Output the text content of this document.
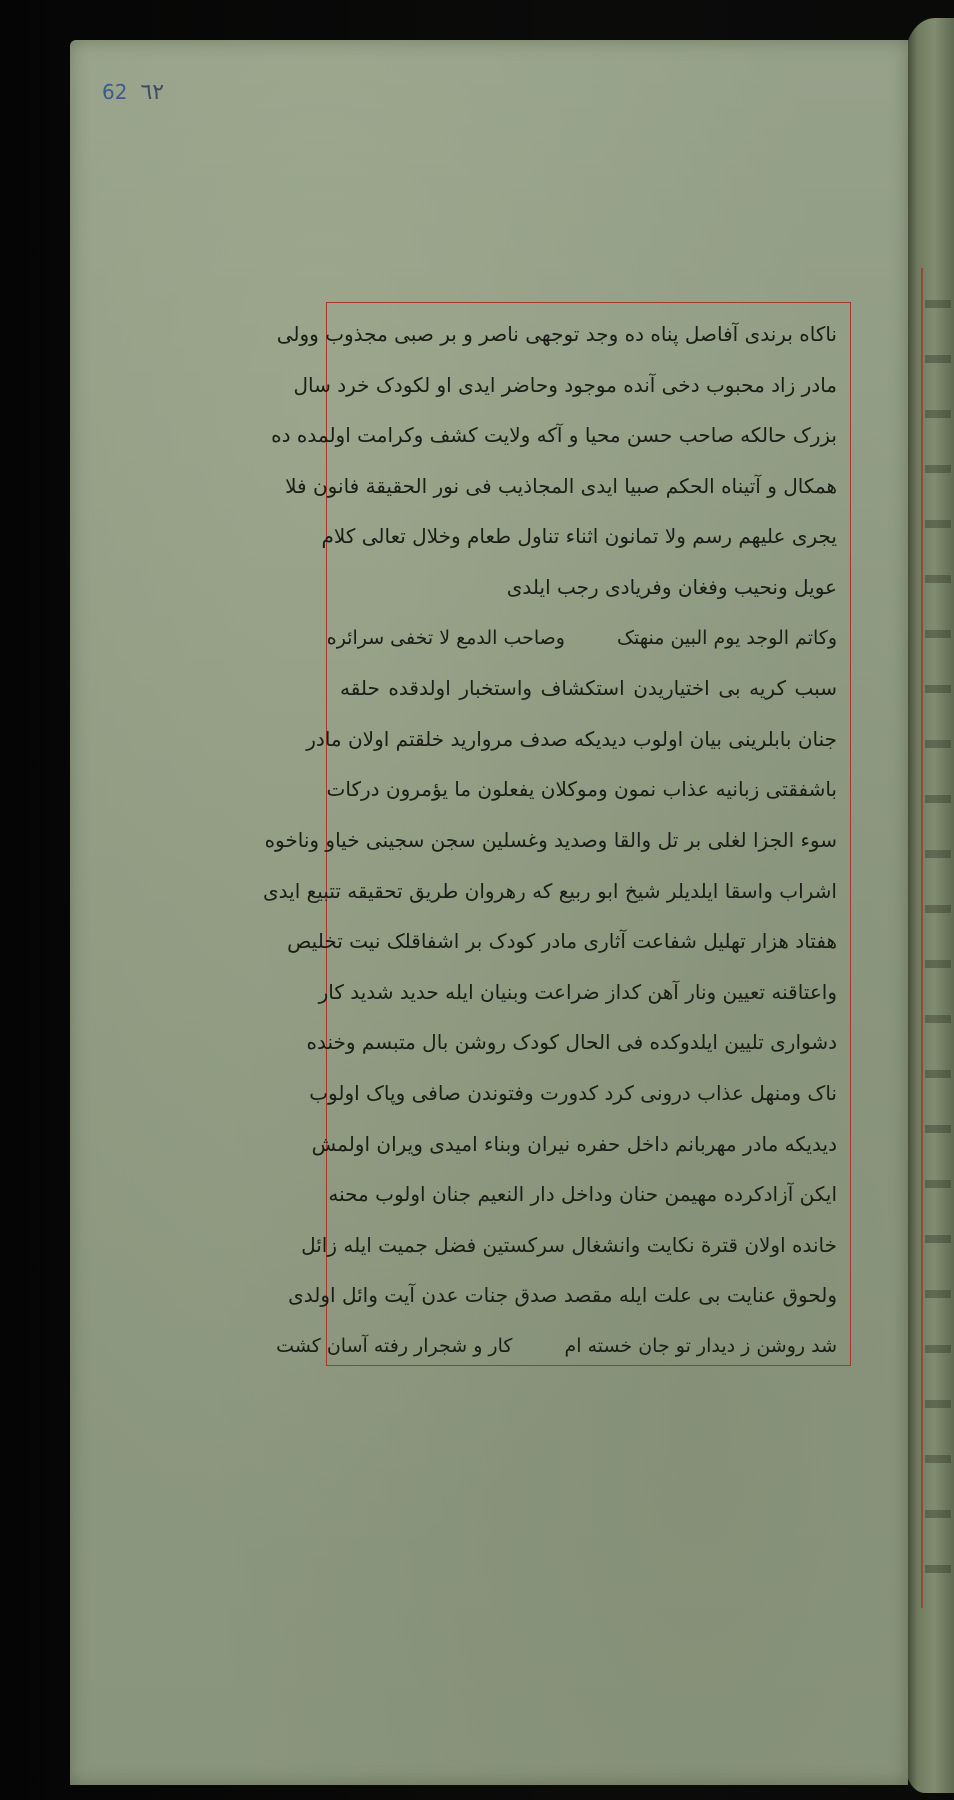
٦٢ 62
ناکاه برندی آفاصل پناه ده وجد توجهی ناصر و بر صبی مجذوب وولی
مادر زاد محبوب دخی آنده موجود وحاضر ایدی او لکودک خرد سال
بزرک حالکه صاحب حسن محیا و آکه ولایت کشف وکرامت اولمده ده
همکال و آتیناه الحکم صبیا ایدی المجاذیب فی نور الحقیقة فانون فلا
یجری علیهم رسم ولا تمانون اثناء تناول طعام وخلال تعالی کلام
عویل ونحیب وفغان وفریادی رجب ایلدی
وکاتم الوجد یوم البین منهتک وصاحب الدمع لا تخفی سرائره
سبب کریه بی اختیاریدن استکشاف واستخبار اولدقده حلقه
جنان بابلرینی بیان اولوب دیدیکه صدف مروارید خلقتم اولان مادر
باشفقتی زبانیه عذاب نمون وموکلان یفعلون ما یؤمرون درکات
سوء الجزا لغلی بر تل والقا وصدید وغسلین سجن سجینی خیاو وناخوه
اشراب واسقا ایلدیلر شیخ ابو ربیع که رهروان طریق تحقیقه تتبیع ایدی
هفتاد هزار تهلیل شفاعت آثاری مادر کودک بر اشفاقلک نیت تخلیص
واعتاقنه تعیین ونار آهن کداز ضراعت وبنیان ایله حدید شدید کار
دشواری تلیین ایلدوکده فی الحال کودک روشن بال متبسم وخنده
ناک ومنهل عذاب درونی کرد کدورت وفتوندن صافی وپاک اولوب
دیدیکه مادر مهربانم داخل حفره نیران وبناء امیدی ویران اولمش
ایکن آزادکرده مهیمن حنان وداخل دار النعیم جنان اولوب محنه
خانده اولان قترة نکایت وانشغال سرکستین فضل جمیت ایله زائل
ولحوق عنایت بی علت ایله مقصد صدق جنات عدن آیت وائل اولدی
شد روشن ز دیدار تو جان خسته ام کار و شجرار رفته آسان کشت
